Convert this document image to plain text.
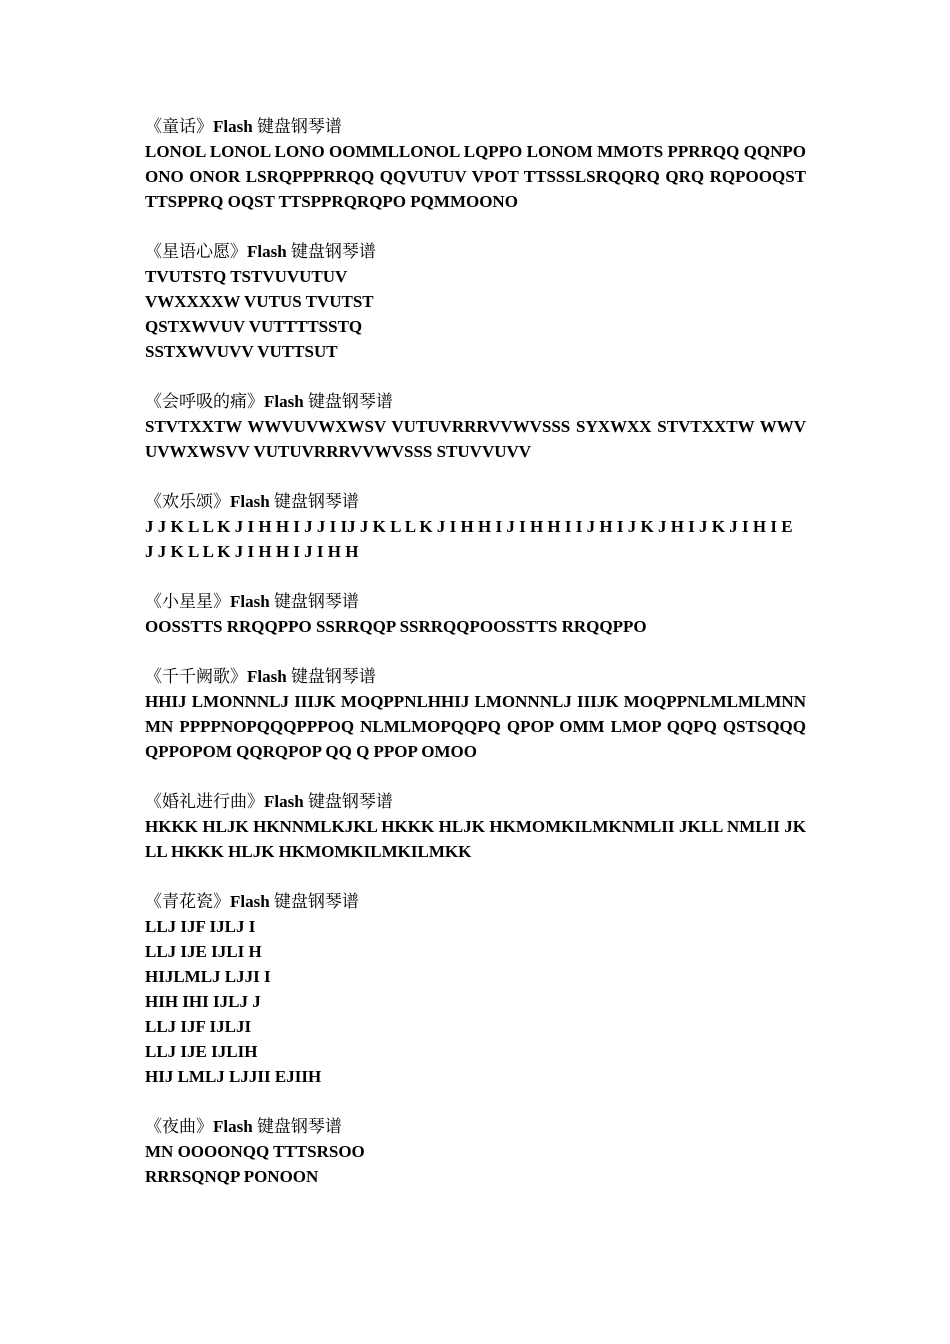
《童话》Flash 键盘钢琴谱
LONOL LONOL LONO OOMMLLONOL LQPPO LONOM MMOTS PPRRQQ QQNPOONO ONOR LSRQPPPRRQQ QQVUTUV VPOT TTSSSLSRQQRQ QRQ RQPOOQST TTSPPRQ OQST TTSPPRQRQPO PQMMOONO
《星语心愿》Flash 键盘钢琴谱
TVUTSTQ TSTVUVUTUV
VWXXXXW VUTUS TVUTST
QSTXWVUV VUTTTTSSTQ
SSTXWVUVV VUTTSUT
《会呼吸的痛》Flash 键盘钢琴谱
STVTXXTW WWVUVWXWSV VUTUVRRRVVWVSSS SYXWXX STVTXXTW WWVUVWXWSVV VUTUVRRRVVWVSSS STUVVUVV
《欢乐颂》Flash 键盘钢琴谱
J J K L L K J I H H I J J I IJ J K L L K J I H H I J I H H I I J H I J K J H I J K J I H I E
J J K L L K J I H H I J I H H
《小星星》Flash 键盘钢琴谱
OOSSTTS RRQQPPO SSRRQQP SSRRQQPOOSSTTS RRQQPPO
《千千阙歌》Flash 键盘钢琴谱
HHIJ LMONNNLJ IIIJK MOQPPNLHHIJ LMONNNLJ IIIJK MOQPPNLMLMLMNNMN PPPPNOPQQQPPPOQ NLMLMOPQQPQ QPOP OMM LMOP QQPQ QSTSQQQQPPOPOM QQRQPOP QQ Q PPOP OMOO
《婚礼进行曲》Flash 键盘钢琴谱
HKKK HLJK HKNNMLKJKL HKKK HLJK HKMOMKILMKNMLII JKLL NMLII JKLL HKKK HLJK HKMOMKILMKILMKK
《青花瓷》Flash 键盘钢琴谱
LLJ IJF IJLJ I
LLJ IJE IJLI H
HIJLMLJ LJJI I
HIH IHI IJLJ J
LLJ IJF IJLJI
LLJ IJE IJLIH
HIJ LMLJ LJJII EJIIH
《夜曲》Flash 键盘钢琴谱
MN OOOONQQ TTTSRSOO
RRRSQNQP PONOON
